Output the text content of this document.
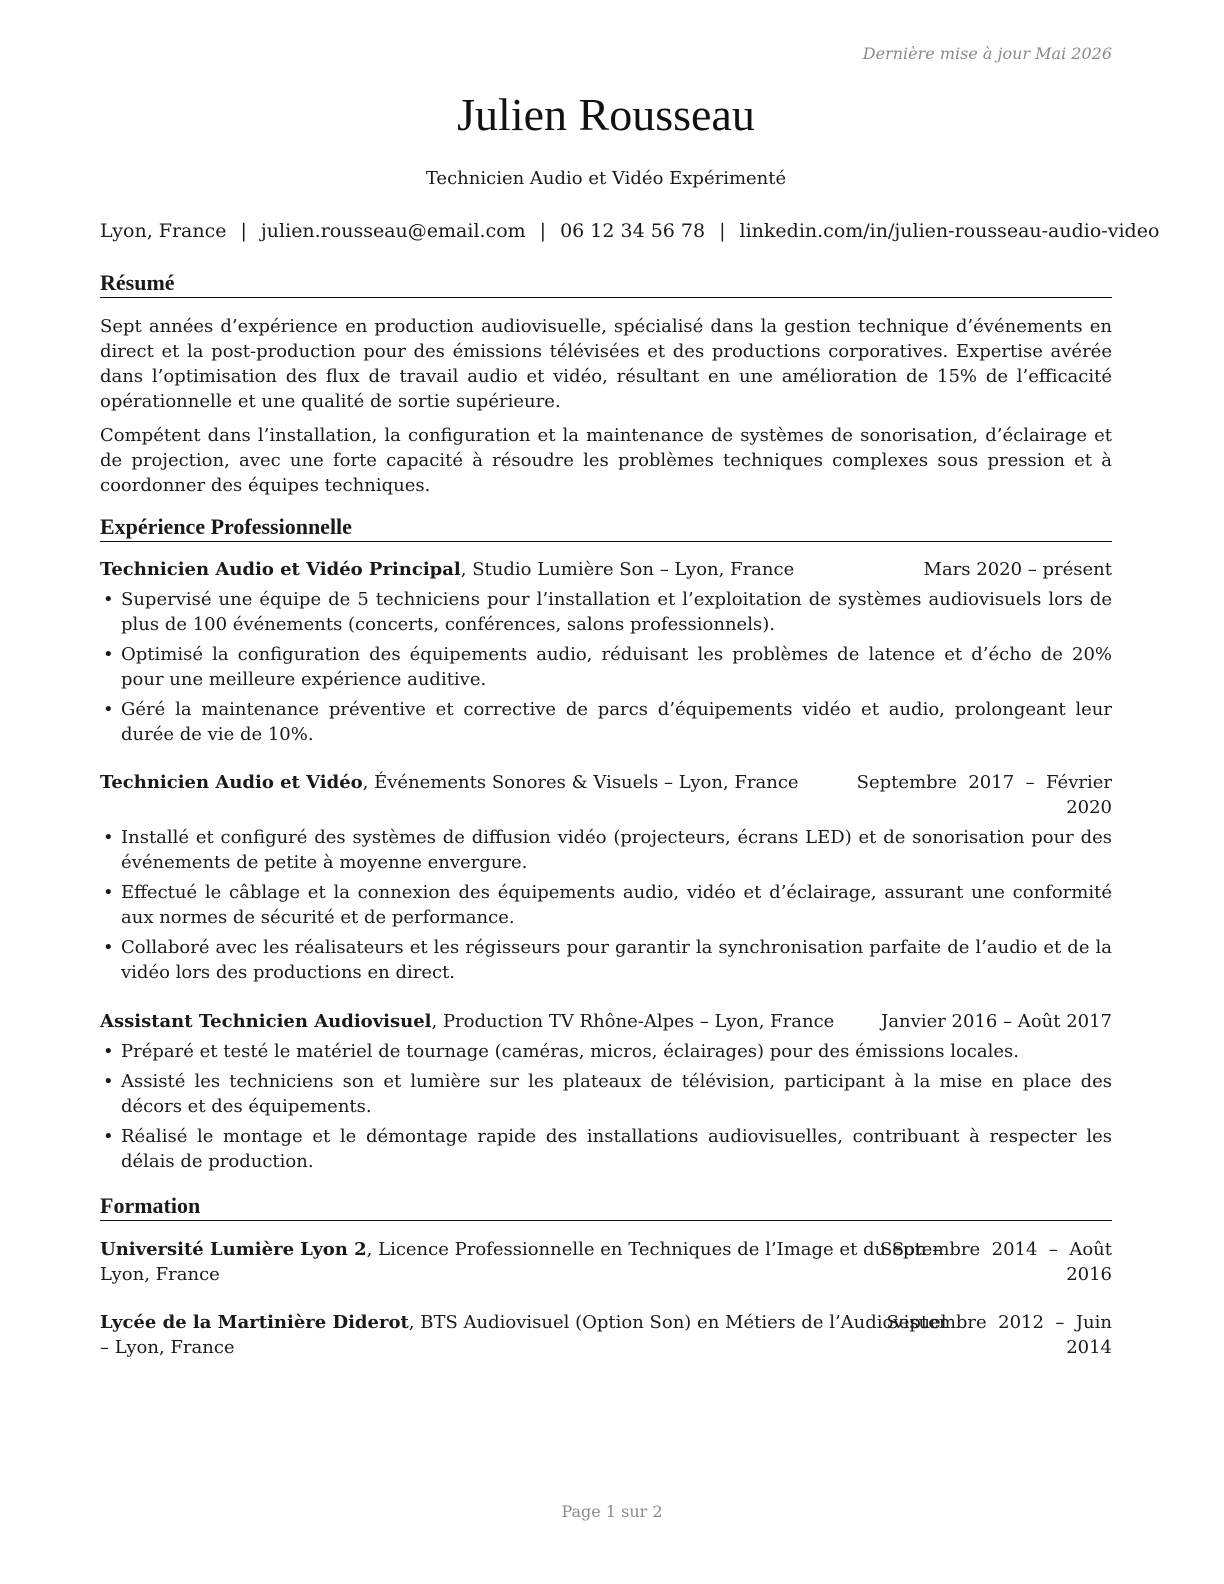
Dernière mise à jour Mai 2026
Julien Rousseau
Technicien Audio et Vidéo Expérimenté
Lyon, France | julien.rousseau@email.com | 06 12 34 56 78 | linkedin.com/in/julien-rousseau-audio-video
Résumé
Sept années d’expérience en production audiovisuelle, spécialisé dans la gestion technique d’événements en direct et la post-production pour des émissions télévisées et des productions corporatives. Expertise avérée dans l’optimisation des flux de travail audio et vidéo, résultant en une amélioration de 15% de l’efficacité opérationnelle et une qualité de sortie supérieure.
Compétent dans l’installation, la configuration et la maintenance de systèmes de sonorisation, d’éclairage et de projection, avec une forte capacité à résoudre les problèmes techniques complexes sous pression et à coordonner des équipes techniques.
Expérience Professionnelle
Technicien Audio et Vidéo Principal, Studio Lumière Son – Lyon, France	Mars 2020 – présent
• Supervisé une équipe de 5 techniciens pour l’installation et l’exploitation de systèmes audiovisuels lors de plus de 100 événements (concerts, conférences, salons professionnels).
• Optimisé la configuration des équipements audio, réduisant les problèmes de latence et d’écho de 20% pour une meilleure expérience auditive.
• Géré la maintenance préventive et corrective de parcs d’équipements vidéo et audio, prolongeant leur durée de vie de 10%.
Technicien Audio et Vidéo, Événements Sonores & Visuels – Lyon, France	Septembre  2017  –  Février
2020
• Installé et configuré des systèmes de diffusion vidéo (projecteurs, écrans LED) et de sonorisation pour des événements de petite à moyenne envergure.
• Effectué le câblage et la connexion des équipements audio, vidéo et d’éclairage, assurant une conformité aux normes de sécurité et de performance.
• Collaboré avec les réalisateurs et les régisseurs pour garantir la synchronisation parfaite de l’audio et de la vidéo lors des productions en direct.
Assistant Technicien Audiovisuel, Production TV Rhône-Alpes – Lyon, France	Janvier 2016 – Août 2017
• Préparé et testé le matériel de tournage (caméras, micros, éclairages) pour des émissions locales.
• Assisté les techniciens son et lumière sur les plateaux de télévision, participant à la mise en place des décors et des équipements.
• Réalisé le montage et le démontage rapide des installations audiovisuelles, contribuant à respecter les délais de production.
Formation
Université Lumière Lyon 2, Licence Professionnelle en Techniques de l’Image et du Son –
Lyon, France
Septembre  2014  –  Août
2016
Lycée de la Martinière Diderot, BTS Audiovisuel (Option Son) en Métiers de l’Audiovisuel
– Lyon, France
Septembre  2012  –  Juin
2014
Page 1 sur 2
